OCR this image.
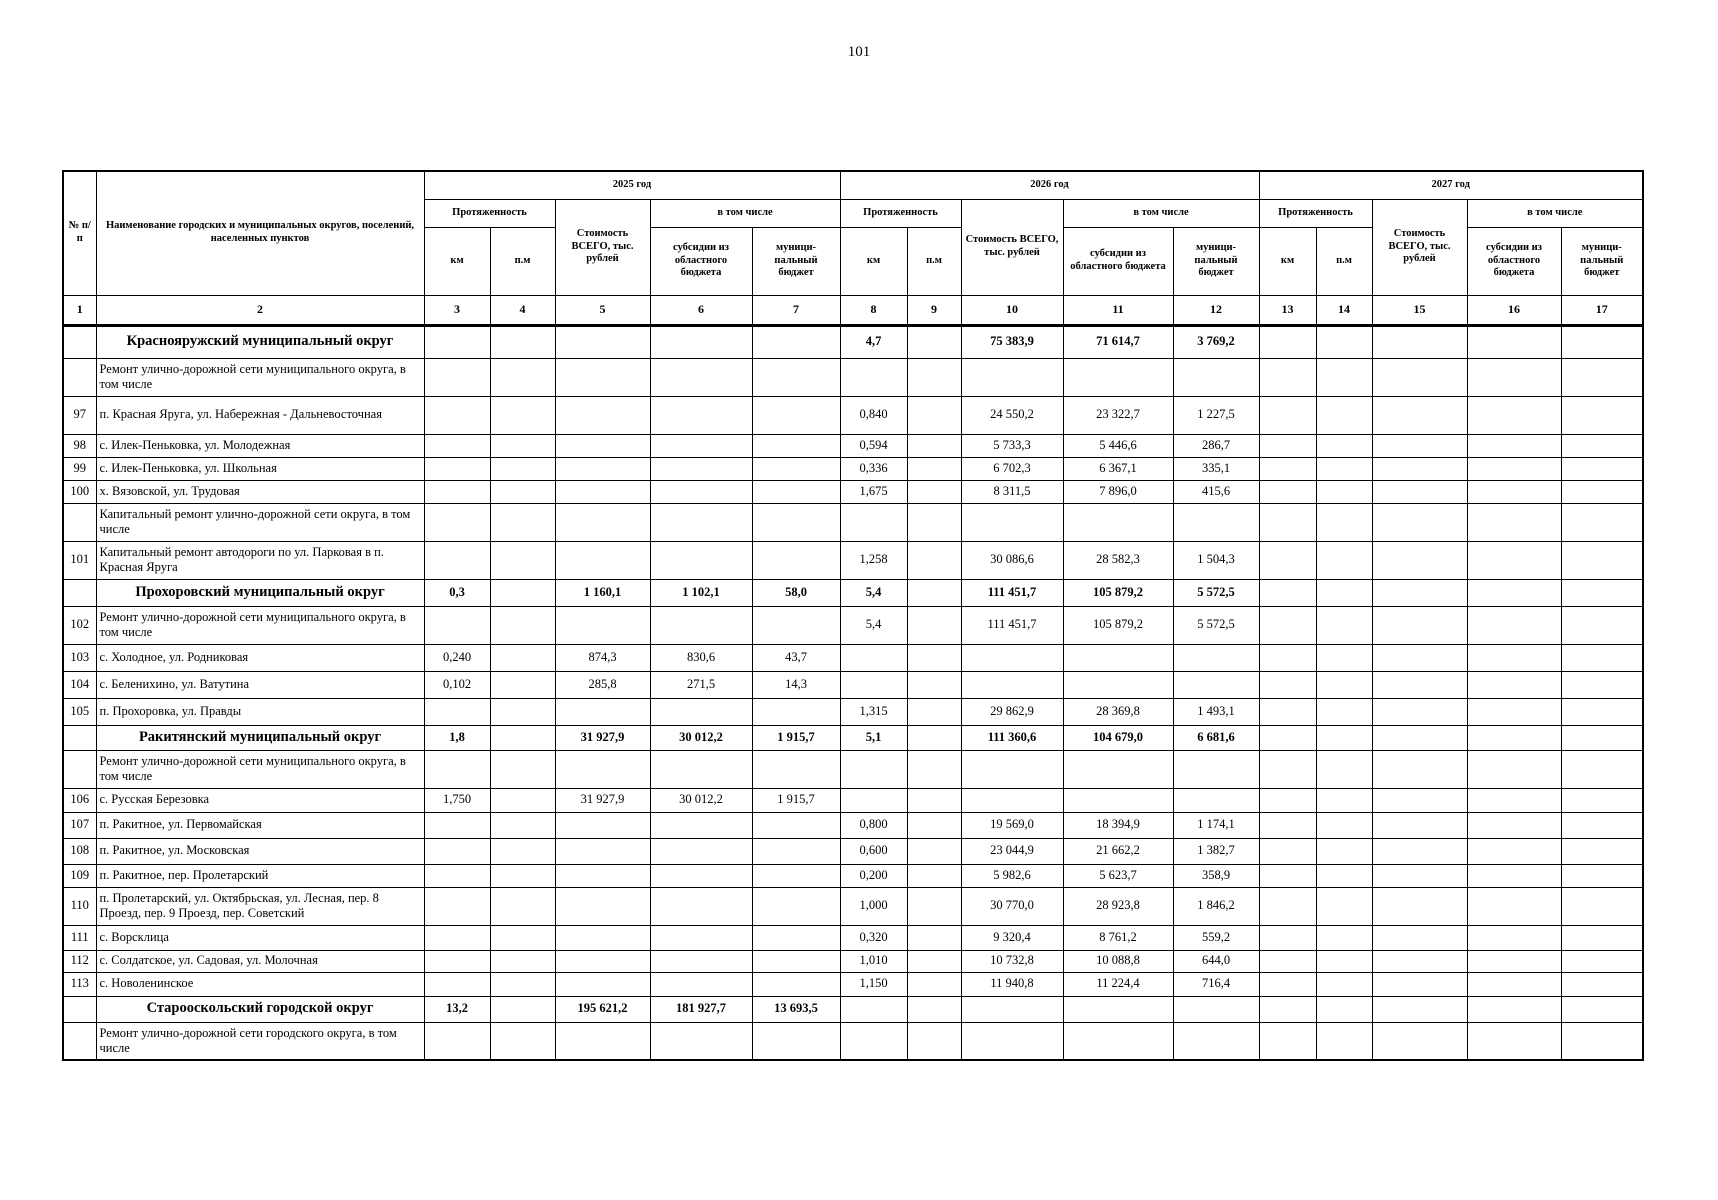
101
№ п/п	Наименование городских и муниципальных округов, поселений, населенных пунктов	2025 год					2026 год					2027 год				
		Протяженность		Стоимость ВСЕГО, тыс. рублей	в том числе		Протяженность		Стоимость ВСЕГО, тыс. рублей	в том числе		Протяженность		Стоимость ВСЕГО, тыс. рублей	в том числе	
		км	п.м		субсидии из областного бюджета	муници-пальный бюджет	км	п.м		субсидии из областного бюджета	муници-пальный бюджет	км	п.м		субсидии из областного бюджета	муници-пальный бюджет
1	2	3	4	5	6	7	8	9	10	11	12	13	14	15	16	17
	Краснояружский муниципальный округ						4,7		75 383,9	71 614,7	3 769,2					
	Ремонт улично-дорожной сети муниципального округа, в том числе															
97	п. Красная Яруга, ул. Набережная - Дальневосточная						0,840		24 550,2	23 322,7	1 227,5					
98	с. Илек-Пеньковка, ул. Молодежная						0,594		5 733,3	5 446,6	286,7					
99	с. Илек-Пеньковка, ул. Школьная						0,336		6 702,3	6 367,1	335,1					
100	х. Вязовской, ул. Трудовая						1,675		8 311,5	7 896,0	415,6					
	Капитальный ремонт улично-дорожной сети округа, в том числе															
101	Капитальный ремонт автодороги по ул. Парковая в п. Красная Яруга						1,258		30 086,6	28 582,3	1 504,3					
	Прохоровский муниципальный округ	0,3		1 160,1	1 102,1	58,0	5,4		111 451,7	105 879,2	5 572,5					
102	Ремонт улично-дорожной сети муниципального округа, в том числе						5,4		111 451,7	105 879,2	5 572,5					
103	с. Холодное, ул. Родниковая	0,240		874,3	830,6	43,7										
104	с. Беленихино, ул. Ватутина	0,102		285,8	271,5	14,3										
105	п. Прохоровка, ул. Правды						1,315		29 862,9	28 369,8	1 493,1					
	Ракитянский муниципальный округ	1,8		31 927,9	30 012,2	1 915,7	5,1		111 360,6	104 679,0	6 681,6					
	Ремонт улично-дорожной сети муниципального округа, в том числе															
106	с. Русская Березовка	1,750		31 927,9	30 012,2	1 915,7										
107	п. Ракитное, ул. Первомайская						0,800		19 569,0	18 394,9	1 174,1					
108	п. Ракитное, ул. Московская						0,600		23 044,9	21 662,2	1 382,7					
109	п. Ракитное, пер. Пролетарский						0,200		5 982,6	5 623,7	358,9					
110	п. Пролетарский, ул. Октябрьская, ул. Лесная, пер. 8 Проезд, пер. 9 Проезд, пер. Советский						1,000		30 770,0	28 923,8	1 846,2					
111	с. Ворсклица						0,320		9 320,4	8 761,2	559,2					
112	с. Солдатское, ул. Садовая, ул. Молочная						1,010		10 732,8	10 088,8	644,0					
113	с. Новоленинское						1,150		11 940,8	11 224,4	716,4					
	Старооскольский городской округ	13,2		195 621,2	181 927,7	13 693,5										
	Ремонт улично-дорожной сети городского округа, в том числе															
